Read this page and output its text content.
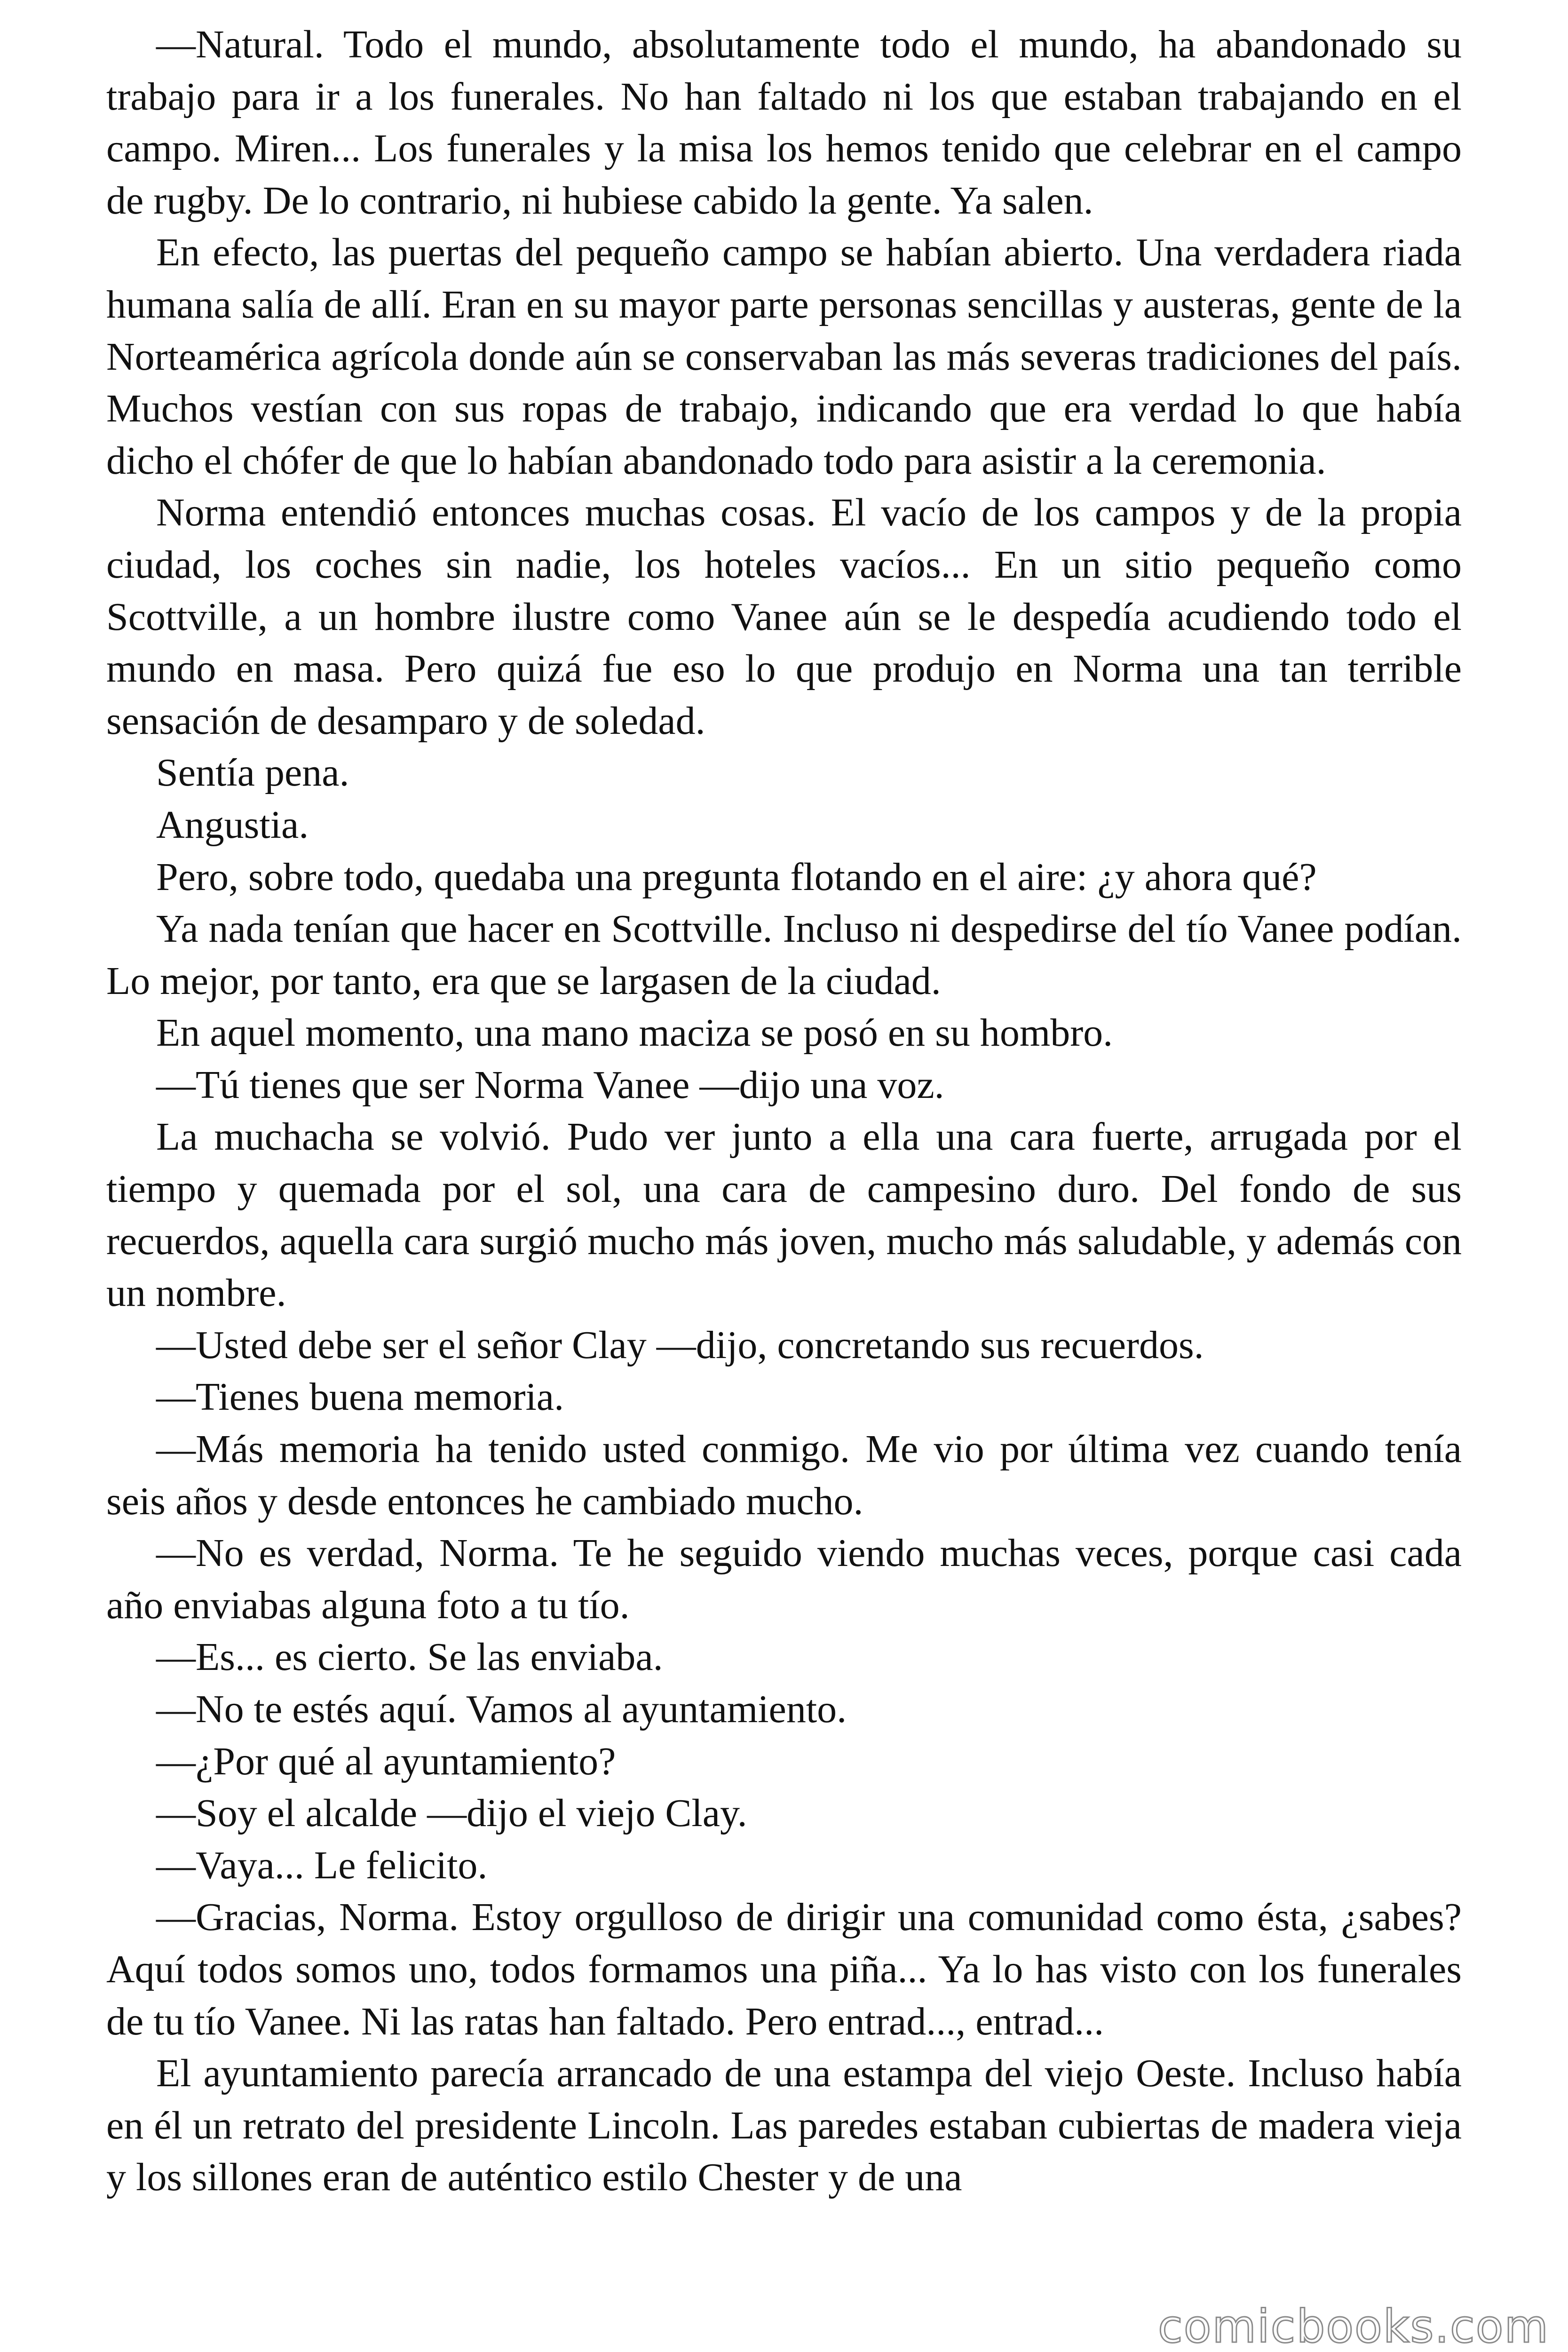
—Natural. Todo el mundo, absolutamente todo el mundo, ha abandonado su trabajo para ir a los funerales. No han faltado ni los que estaban trabajando en el campo. Miren... Los funerales y la misa los hemos tenido que celebrar en el campo de rugby. De lo contrario, ni hubiese cabido la gente. Ya salen.

En efecto, las puertas del pequeño campo se habían abierto. Una verdadera riada humana salía de allí. Eran en su mayor parte personas sencillas y austeras, gente de la Norteamérica agrícola donde aún se conservaban las más severas tradiciones del país. Muchos vestían con sus ropas de trabajo, indicando que era verdad lo que había dicho el chófer de que lo habían abandonado todo para asistir a la ceremonia.

Norma entendió entonces muchas cosas. El vacío de los campos y de la propia ciudad, los coches sin nadie, los hoteles vacíos... En un sitio pequeño como Scottville, a un hombre ilustre como Vanee aún se le despedía acudiendo todo el mundo en masa. Pero quizá fue eso lo que produjo en Norma una tan terrible sensación de desamparo y de soledad.

Sentía pena.

Angustia.

Pero, sobre todo, quedaba una pregunta flotando en el aire: ¿y ahora qué?

Ya nada tenían que hacer en Scottville. Incluso ni despedirse del tío Vanee podían. Lo mejor, por tanto, era que se largasen de la ciudad.

En aquel momento, una mano maciza se posó en su hombro.

—Tú tienes que ser Norma Vanee —dijo una voz.

La muchacha se volvió. Pudo ver junto a ella una cara fuerte, arrugada por el tiempo y quemada por el sol, una cara de campesino duro. Del fondo de sus recuerdos, aquella cara surgió mucho más joven, mucho más saludable, y además con un nombre.

—Usted debe ser el señor Clay —dijo, concretando sus recuerdos.

—Tienes buena memoria.

—Más memoria ha tenido usted conmigo. Me vio por última vez cuando tenía seis años y desde entonces he cambiado mucho.

—No es verdad, Norma. Te he seguido viendo muchas veces, porque casi cada año enviabas alguna foto a tu tío.

—Es... es cierto. Se las enviaba.

—No te estés aquí. Vamos al ayuntamiento.

—¿Por qué al ayuntamiento?

—Soy el alcalde —dijo el viejo Clay.

—Vaya... Le felicito.

—Gracias, Norma. Estoy orgulloso de dirigir una comunidad como ésta, ¿sabes? Aquí todos somos uno, todos formamos una piña... Ya lo has visto con los funerales de tu tío Vanee. Ni las ratas han faltado. Pero entrad..., entrad...

El ayuntamiento parecía arrancado de una estampa del viejo Oeste. Incluso había en él un retrato del presidente Lincoln. Las paredes estaban cubiertas de madera vieja y los sillones eran de auténtico estilo Chester y de una

comicbooks.com
